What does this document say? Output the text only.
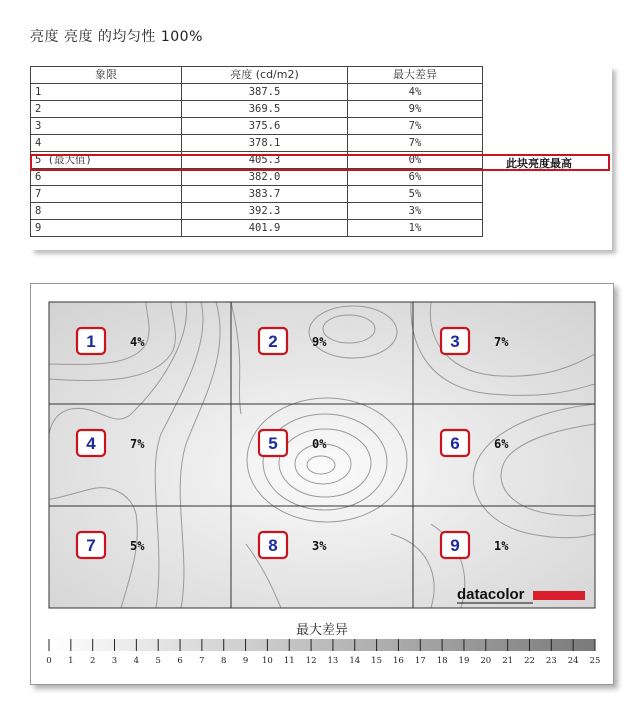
亮度 亮度 的均匀性 100%
象限	亮度 (cd/m2)	最大差异
1	387.5	4%
2	369.5	9%
3	375.6	7%
4	378.1	7%
5 (最大值)	405.3	0%
6	382.0	6%
7	383.7	5%
8	392.3	3%
9	401.9	1%
此块亮度最高
1	4%	2	9%	3	7%
4	7%	5	0%	6	6%
7	5%	8	3%	9	1%
datacolor
最大差异
0 1 2 3 4 5 6 7 8 9 10 11 12 13 14 15 16 17 18 19 20 21 22 23 24 25
